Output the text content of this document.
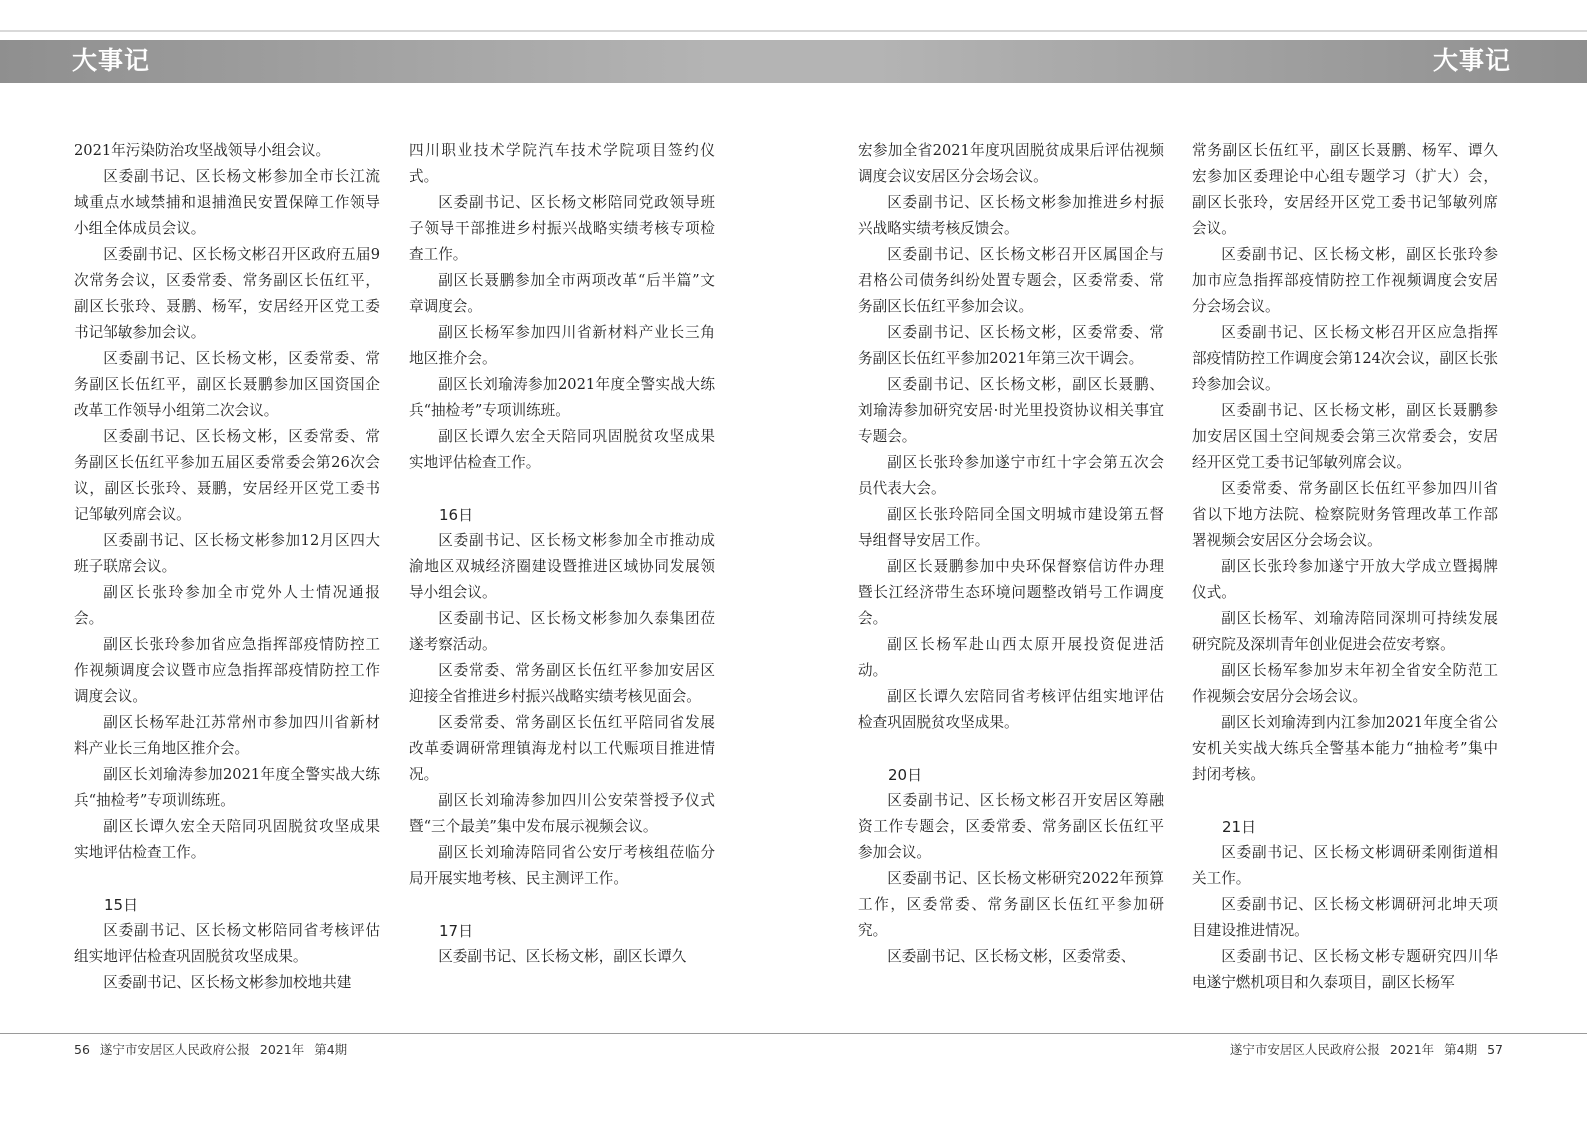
大事记	大事记

2021年污染防治攻坚战领导小组会议。

区委副书记、区长杨文彬参加全市长江流域重点水域禁捕和退捕渔民安置保障工作领导小组全体成员会议。

区委副书记、区长杨文彬召开区政府五届9次常务会议，区委常委、常务副区长伍红平，副区长张玲、聂鹏、杨军，安居经开区党工委书记邹敏参加会议。

区委副书记、区长杨文彬，区委常委、常务副区长伍红平，副区长聂鹏参加区国资国企改革工作领导小组第二次会议。

区委副书记、区长杨文彬，区委常委、常务副区长伍红平参加五届区委常委会第26次会议，副区长张玲、聂鹏，安居经开区党工委书记邹敏列席会议。

区委副书记、区长杨文彬参加12月区四大班子联席会议。

副区长张玲参加全市党外人士情况通报会。

副区长张玲参加省应急指挥部疫情防控工作视频调度会议暨市应急指挥部疫情防控工作调度会议。

副区长杨军赴江苏常州市参加四川省新材料产业长三角地区推介会。

副区长刘瑜涛参加2021年度全警实战大练兵“抽检考”专项训练班。

副区长谭久宏全天陪同巩固脱贫攻坚成果实地评估检查工作。

15日

区委副书记、区长杨文彬陪同省考核评估组实地评估检查巩固脱贫攻坚成果。

区委副书记、区长杨文彬参加校地共建

四川职业技术学院汽车技术学院项目签约仪式。

区委副书记、区长杨文彬陪同党政领导班子领导干部推进乡村振兴战略实绩考核专项检查工作。

副区长聂鹏参加全市两项改革“后半篇”文章调度会。

副区长杨军参加四川省新材料产业长三角地区推介会。

副区长刘瑜涛参加2021年度全警实战大练兵“抽检考”专项训练班。

副区长谭久宏全天陪同巩固脱贫攻坚成果实地评估检查工作。

16日

区委副书记、区长杨文彬参加全市推动成渝地区双城经济圈建设暨推进区域协同发展领导小组会议。

区委副书记、区长杨文彬参加久泰集团莅遂考察活动。

区委常委、常务副区长伍红平参加安居区迎接全省推进乡村振兴战略实绩考核见面会。

区委常委、常务副区长伍红平陪同省发展改革委调研常理镇海龙村以工代赈项目推进情况。

副区长刘瑜涛参加四川公安荣誉授予仪式暨“三个最美”集中发布展示视频会议。

副区长刘瑜涛陪同省公安厅考核组莅临分局开展实地考核、民主测评工作。

17日

区委副书记、区长杨文彬，副区长谭久

宏参加全省2021年度巩固脱贫成果后评估视频调度会议安居区分会场会议。

区委副书记、区长杨文彬参加推进乡村振兴战略实绩考核反馈会。

区委副书记、区长杨文彬召开区属国企与君格公司债务纠纷处置专题会，区委常委、常务副区长伍红平参加会议。

区委副书记、区长杨文彬，区委常委、常务副区长伍红平参加2021年第三次干调会。

区委副书记、区长杨文彬，副区长聂鹏、刘瑜涛参加研究安居·时光里投资协议相关事宜专题会。

副区长张玲参加遂宁市红十字会第五次会员代表大会。

副区长张玲陪同全国文明城市建设第五督导组督导安居工作。

副区长聂鹏参加中央环保督察信访件办理暨长江经济带生态环境问题整改销号工作调度会。

副区长杨军赴山西太原开展投资促进活动。

副区长谭久宏陪同省考核评估组实地评估检查巩固脱贫攻坚成果。

20日

区委副书记、区长杨文彬召开安居区筹融资工作专题会，区委常委、常务副区长伍红平参加会议。

区委副书记、区长杨文彬研究2022年预算工作，区委常委、常务副区长伍红平参加研究。

区委副书记、区长杨文彬，区委常委、

常务副区长伍红平，副区长聂鹏、杨军、谭久宏参加区委理论中心组专题学习（扩大）会，副区长张玲，安居经开区党工委书记邹敏列席会议。

区委副书记、区长杨文彬，副区长张玲参加市应急指挥部疫情防控工作视频调度会安居分会场会议。

区委副书记、区长杨文彬召开区应急指挥部疫情防控工作调度会第124次会议，副区长张玲参加会议。

区委副书记、区长杨文彬，副区长聂鹏参加安居区国土空间规委会第三次常委会，安居经开区党工委书记邹敏列席会议。

区委常委、常务副区长伍红平参加四川省省以下地方法院、检察院财务管理改革工作部署视频会安居区分会场会议。

副区长张玲参加遂宁开放大学成立暨揭牌仪式。

副区长杨军、刘瑜涛陪同深圳可持续发展研究院及深圳青年创业促进会莅安考察。

副区长杨军参加岁末年初全省安全防范工作视频会安居分会场会议。

副区长刘瑜涛到内江参加2021年度全省公安机关实战大练兵全警基本能力“抽检考”集中封闭考核。

21日

区委副书记、区长杨文彬调研柔刚街道相关工作。

区委副书记、区长杨文彬调研河北坤天项目建设推进情况。

区委副书记、区长杨文彬专题研究四川华电遂宁燃机项目和久泰项目，副区长杨军

56 遂宁市安居区人民政府公报 2021年 第4期	遂宁市安居区人民政府公报 2021年 第4期 57
